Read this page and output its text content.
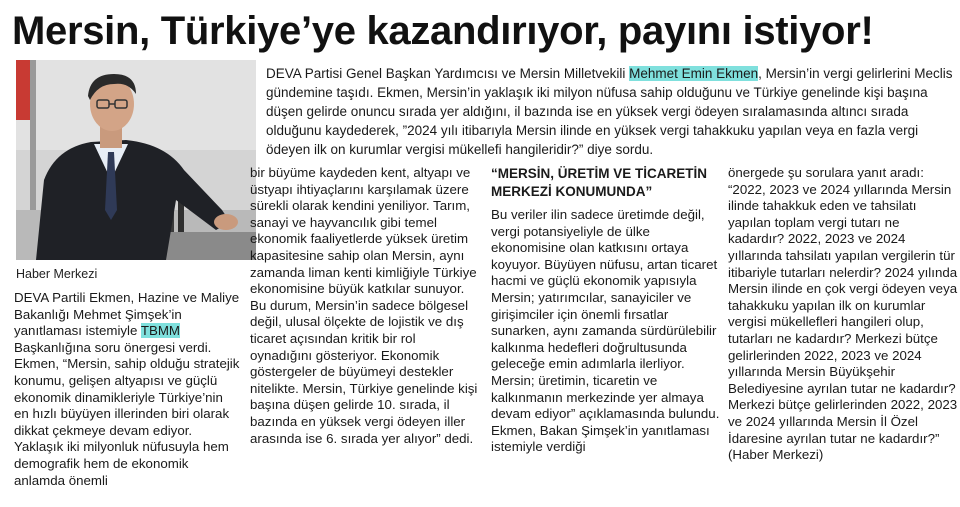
Mersin, Türkiye’ye kazandırıyor, payını istiyor!
Haber Merkezi
DEVA Partisi Genel Başkan Yardımcısı ve Mersin Milletvekili Mehmet Emin Ekmen, Mersin’in vergi gelirlerini Meclis gündemine taşıdı. Ekmen, Mersin’in yaklaşık iki milyon nüfusa sahip olduğunu ve Türkiye genelinde kişi başına düşen gelirde onuncu sırada yer aldığını, il bazında ise en yüksek vergi ödeyen sıralamasında altıncı sırada olduğunu kaydederek, ”2024 yılı itibarıyla Mersin ilinde en yüksek vergi tahakkuku yapılan veya en fazla vergi ödeyen ilk on kurumlar vergisi mükellefi hangileridir?” diye sordu.

DEVA Partili Ekmen, Hazine ve Maliye Bakanlığı Mehmet Şimşek’in yanıtlaması istemiyle TBMM Başkanlığına soru önergesi verdi. Ekmen, “Mersin, sahip olduğu stratejik konumu, gelişen altyapısı ve güçlü ekonomik dinamikleriyle Türkiye’nin en hızlı büyüyen illerinden biri olarak dikkat çekmeye devam ediyor. Yaklaşık iki milyonluk nüfusuyla hem demografik hem de ekonomik anlamda önemli

bir büyüme kaydeden kent, altyapı ve üstyapı ihtiyaçlarını karşılamak üzere sürekli olarak kendini yeniliyor. Tarım, sanayi ve hayvancılık gibi temel ekonomik faaliyetlerde yüksek üretim kapasitesine sahip olan Mersin, aynı zamanda liman kenti kimliğiyle Türkiye ekonomisine büyük katkılar sunuyor. Bu durum, Mersin’in sadece bölgesel değil, ulusal ölçekte de lojistik ve dış ticaret açısından kritik bir rol oynadığını gösteriyor. Ekonomik göstergeler de büyümeyi destekler nitelikte. Mersin, Türkiye genelinde kişi başına düşen gelirde 10. sırada, il bazında en yüksek vergi ödeyen iller arasında ise 6. sırada yer alıyor” dedi.

“MERSİN, ÜRETİM VE TİCARETİN MERKEZİ KONUMUNDA”

Bu veriler ilin sadece üretimde değil, vergi potansiyeliyle de ülke ekonomisine olan katkısını ortaya koyuyor. Büyüyen nüfusu, artan ticaret hacmi ve güçlü ekonomik yapısıyla Mersin; yatırımcılar, sanayiciler ve girişimciler için önemli fırsatlar sunarken, aynı zamanda sürdürülebilir kalkınma hedefleri doğrultusunda geleceğe emin adımlarla ilerliyor. Mersin; üretimin, ticaretin ve kalkınmanın merkezinde yer almaya devam ediyor” açıklamasında bulundu. Ekmen, Bakan Şimşek’in yanıtlaması istemiyle verdiği

önergede şu sorulara yanıt aradı: “2022, 2023 ve 2024 yıllarında Mersin ilinde tahakkuk eden ve tahsilatı yapılan toplam vergi tutarı ne kadardır? 2022, 2023 ve 2024 yıllarında tahsilatı yapılan vergilerin tür itibariyle tutarları nelerdir? 2024 yılında Mersin ilinde en çok vergi ödeyen veya tahakkuku yapılan ilk on kurumlar vergisi mükellefleri hangileri olup, tutarları ne kadardır? Merkezi bütçe gelirlerinden 2022, 2023 ve 2024 yıllarında Mersin Büyükşehir Belediyesine ayrılan tutar ne kadardır? Merkezi bütçe gelirlerinden 2022, 2023 ve 2024 yıllarında Mersin İl Özel İdaresine ayrılan tutar ne kadardır?” (Haber Merkezi)
